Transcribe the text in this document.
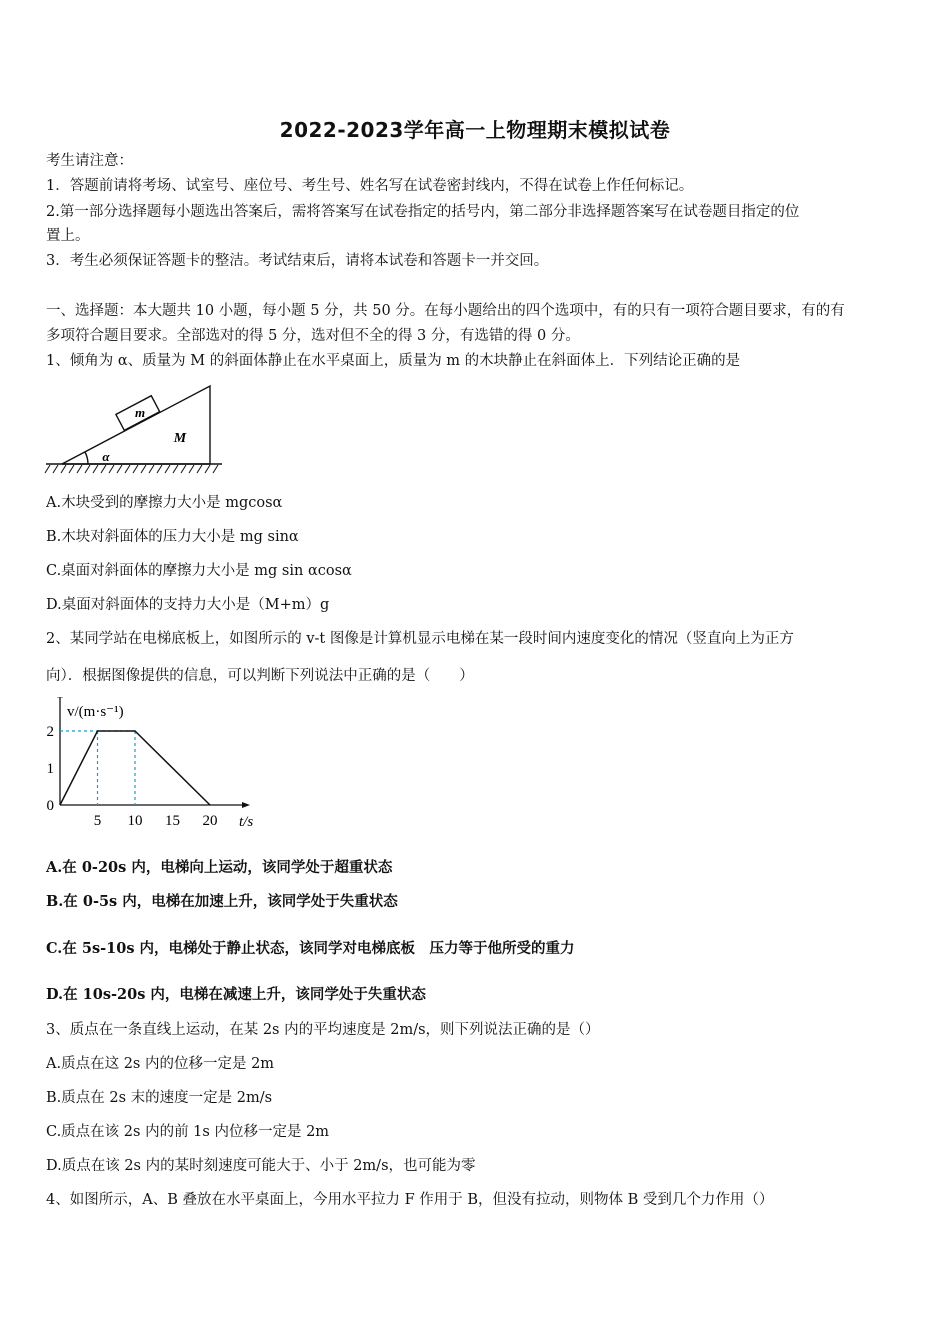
2022-2023学年高一上物理期末模拟试卷
考生请注意：
1．答题前请将考场、试室号、座位号、考生号、姓名写在试卷密封线内，不得在试卷上作任何标记。
2.第一部分选择题每小题选出答案后，需将答案写在试卷指定的括号内，第二部分非选择题答案写在试卷题目指定的位
置上。
3．考生必须保证答题卡的整洁。考试结束后，请将本试卷和答题卡一并交回。
一、选择题：本大题共 10 小题，每小题 5 分，共 50 分。在每小题给出的四个选项中，有的只有一项符合题目要求，有的有
多项符合题目要求。全部选对的得 5 分，选对但不全的得 3 分，有选错的得 0 分。
1、倾角为 α、质量为 M 的斜面体静止在水平桌面上，质量为 m 的木块静止在斜面体上．下列结论正确的是
m
M
α
A.木块受到的摩擦力大小是 mgcosα
B.木块对斜面体的压力大小是 mg sinα
C.桌面对斜面体的摩擦力大小是 mg sin αcosα
D.桌面对斜面体的支持力大小是（M+m）g
2、某同学站在电梯底板上，如图所示的 v-t 图像是计算机显示电梯在某一段时间内速度变化的情况（竖直向上为正方
向）．根据图像提供的信息，可以判断下列说法中正确的是（　　）
5 10 15 20
0
1
2
t/s
v/(m·s⁻¹)
A.在 0-20s 内，电梯向上运动，该同学处于超重状态
B.在 0-5s 内，电梯在加速上升，该同学处于失重状态
C.在 5s-10s 内，电梯处于静止状态，该同学对电梯底板　压力等于他所受的重力
D.在 10s-20s 内，电梯在减速上升，该同学处于失重状态
3、质点在一条直线上运动，在某 2s 内的平均速度是 2m/s，则下列说法正确的是（）
A.质点在这 2s 内的位移一定是 2m
B.质点在 2s 末的速度一定是 2m/s
C.质点在该 2s 内的前 1s 内位移一定是 2m
D.质点在该 2s 内的某时刻速度可能大于、小于 2m/s，也可能为零
4、如图所示，A、B 叠放在水平桌面上，今用水平拉力 F 作用于 B，但没有拉动，则物体 B 受到几个力作用（）
